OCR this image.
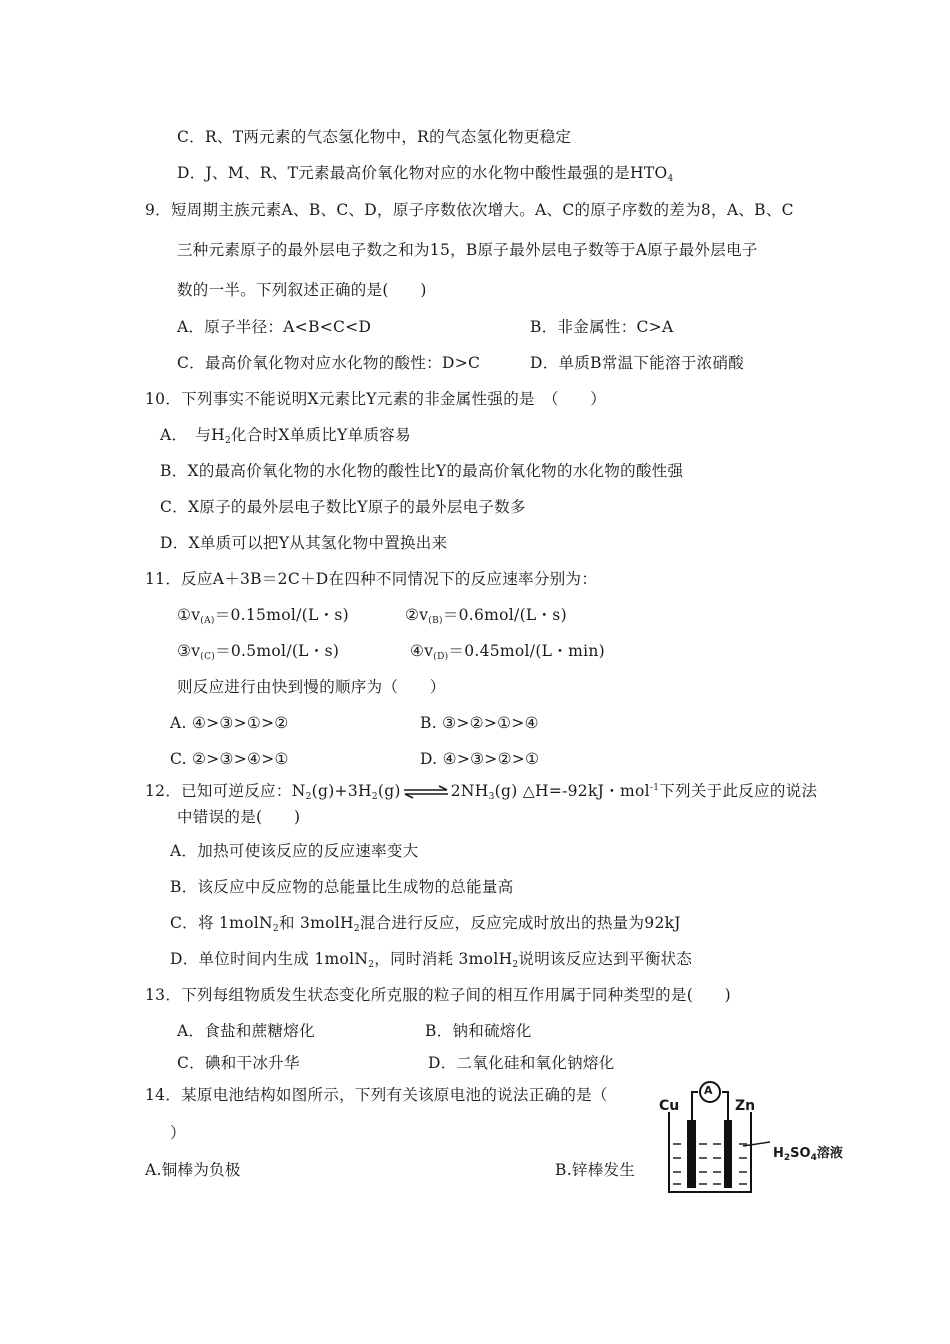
C．R、T两元素的气态氢化物中，R的气态氢化物更稳定
D．J、M、R、T元素最高价氧化物对应的水化物中酸性最强的是$HTO_4$
9．短周期主族元素A、B、C、D，原子序数依次增大。A、C的原子序数的差为8，A、B、C
三种元素原子的最外层电子数之和为15，B原子最外层电子数等于A原子最外层电子
数的一半。下列叙述正确的是(　　)
A．原子半径：A<B<C<D	B．非金属性：C>A
C．最高价氧化物对应水化物的酸性：D>C	D．单质B常温下能溶于浓硝酸
10．下列事实不能说明X元素比Y元素的非金属性强的是　（　　）
A．　与$H_2$化合时X单质比Y单质容易
B．X的最高价氧化物的水化物的酸性比Y的最高价氧化物的水化物的酸性强
C．X原子的最外层电子数比Y原子的最外层电子数多
D．X单质可以把Y从其氢化物中置换出来
11．反应A＋3B＝2C＋D在四种不同情况下的反应速率分别为：
$①v_{(A)}=0.15mol/(L$・s)	$②v_{(B)}=0.6mol/(L$・s)
$③v_{(C)}=0.5mol/(L$・s)	$④v_{(D)}=0.45mol/(L$・min)
则反应进行由快到慢的顺序为（　　）
A. ④>③>①>②	B. ③>②>①>④
C. ②>③>④>①	D. ④>③>②>①
12．已知可逆反应：$N_2(g)+3H_2(g)$ ⇌ $2NH_3(g)$ △H=-92kJ・mol$^{-1}$下列关于此反应的说法
中错误的是(　　)
A．加热可使该反应的反应速率变大
B．该反应中反应物的总能量比生成物的总能量高
C．将 1molN$_2$和 3molH$_2$混合进行反应，反应完成时放出的热量为92kJ
D．单位时间内生成 1molN$_2$，同时消耗 3molH$_2$说明该反应达到平衡状态
13．下列每组物质发生状态变化所克服的粒子间的相互作用属于同种类型的是(　　)
A．食盐和蔗糖熔化	B．钠和硫熔化
C．碘和干冰升华	D．二氧化硅和氧化钠熔化
14．某原电池结构如图所示，下列有关该原电池的说法正确的是（
）
A.铜棒为负极	B.锌棒发生
A
Cu	Zn
$H_2SO_4$溶液
